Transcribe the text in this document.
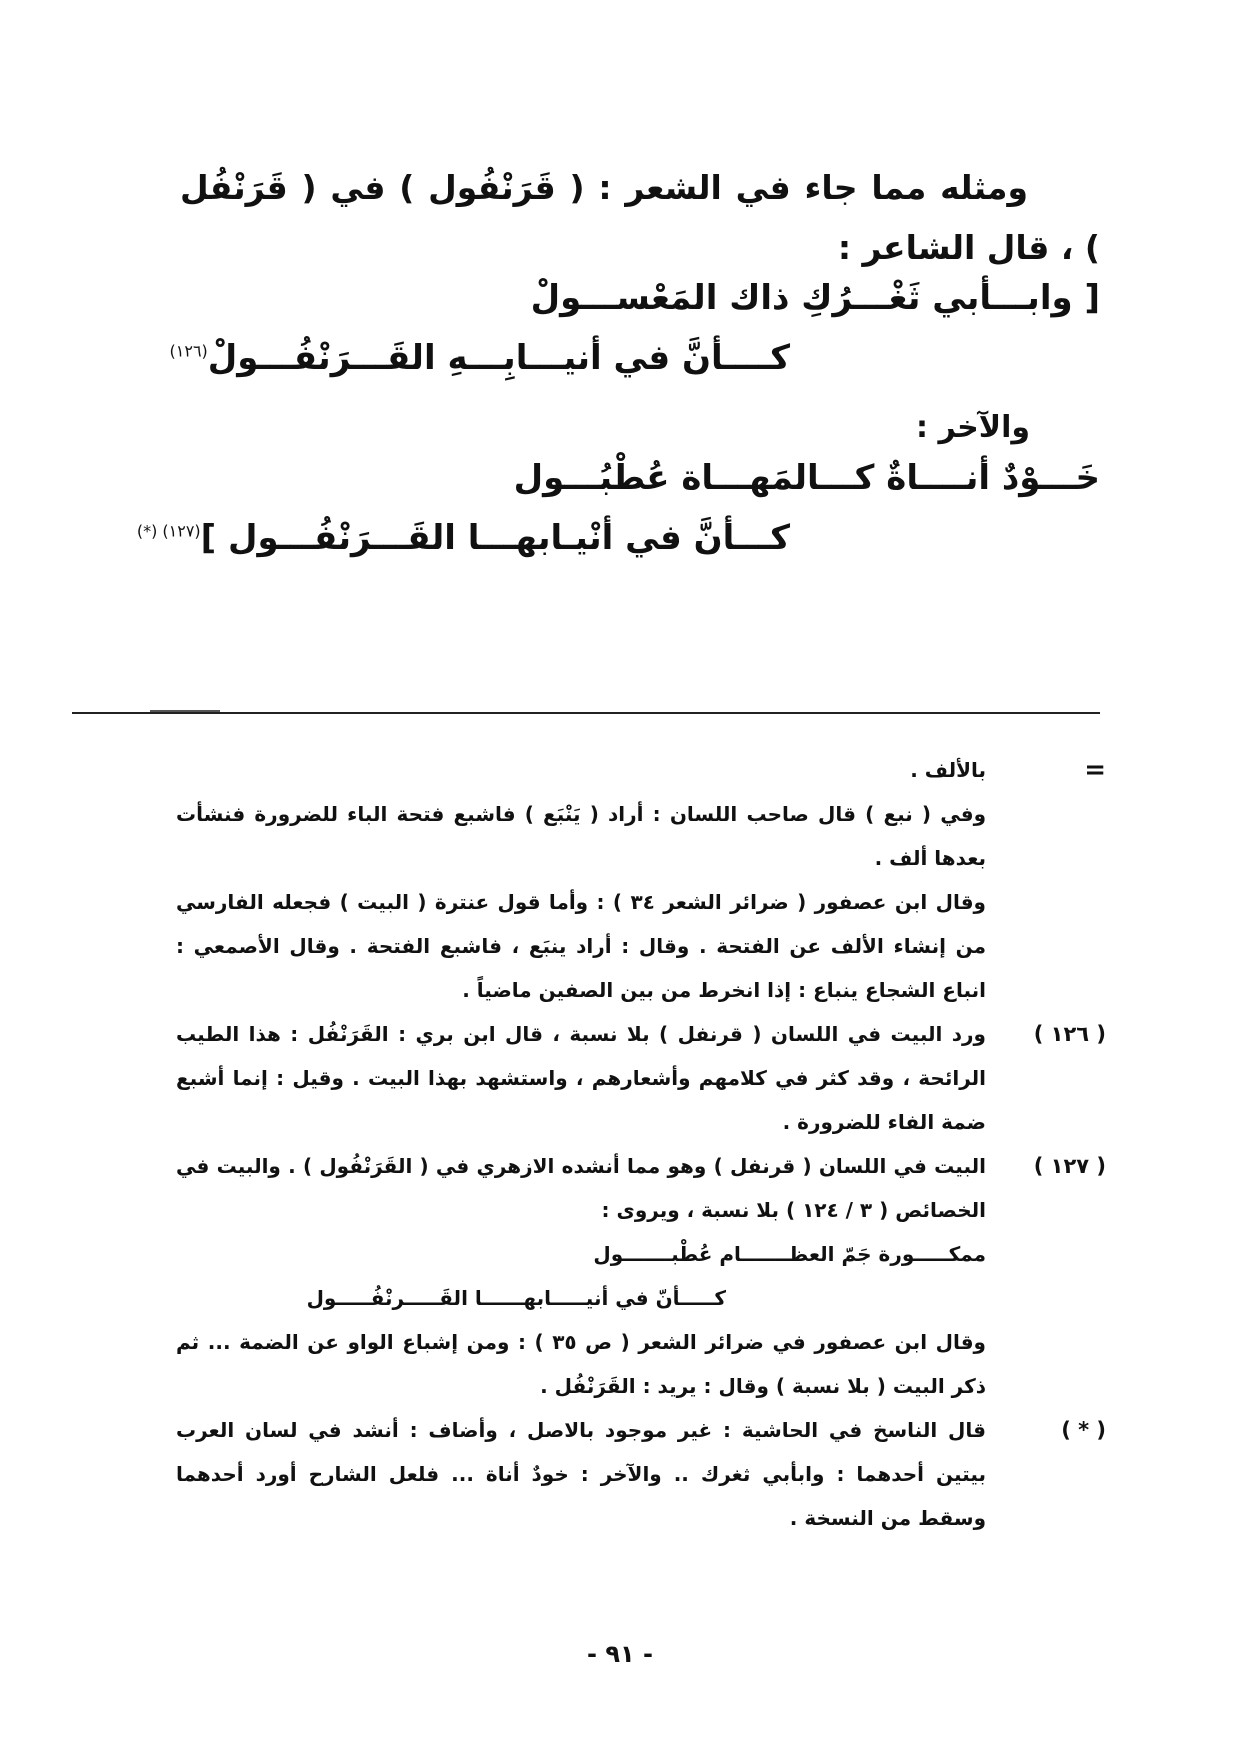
ومثله مما جاء في الشعر : ( قَرَنْفُول ) في ( قَرَنْفُل ) ، قال الشاعر :

[ وابـــأبي ثَغْـــرُكِ ذاك المَعْســـولْ
كــــأنَّ في أنيـــابِـــهِ القَـــرَنْفُـــولْ$^{(١٢٦)}$
والآخر :
خَـــوْدٌ أنــــاةٌ كـــالمَهـــاة عُطْبُـــول
كـــأنَّ في أنْيـابهـــا القَـــرَنْفُـــول ]$^{(١٢٧) (*)}$
=

بالألف .

وفي ( نبع ) قال صاحب اللسان : أراد ( يَنْبَع ) فاشبع فتحة الباء للضرورة فنشأت بعدها ألف .

وقال ابن عصفور ( ضرائر الشعر ٣٤ ) : وأما قول عنترة ( البيت ) فجعله الفارسي من إنشاء الألف عن الفتحة . وقال : أراد ينبَع ، فاشبع الفتحة . وقال الأصمعي : انباع الشجاع ينباع : إذا انخرط من بين الصفين ماضياً .

( ١٢٦ )

ورد البيت في اللسان ( قرنفل ) بلا نسبة ، قال ابن بري : القَرَنْفُل : هذا الطيب الرائحة ، وقد كثر في كلامهم وأشعارهم ، واستشهد بهذا البيت . وقيل : إنما أشبع ضمة الفاء للضرورة .

( ١٢٧ )

البيت في اللسان ( قرنفل ) وهو مما أنشده الازهري في ( القَرَنْفُول ) . والبيت في الخصائص ( ٣ / ١٢٤ ) بلا نسبة ، ويروى :

ممكـــــورة جَمّ العظـــــــام عُطْبـــــــول
كـــــأنّ في أنيـــــابهــــــا القَـــــرنْفُـــــول

وقال ابن عصفور في ضرائر الشعر ( ص ٣٥ ) : ومن إشباع الواو عن الضمة ... ثم ذكر البيت ( بلا نسبة ) وقال : يريد : القَرَنْفُل .

( * )

قال الناسخ في الحاشية : غير موجود بالاصل ، وأضاف : أنشد في لسان العرب بيتين أحدهما : وابأبي ثغرك .. والآخر : خودٌ أناة ... فلعل الشارح أورد أحدهما وسقط من النسخة .

- ٩١ -
